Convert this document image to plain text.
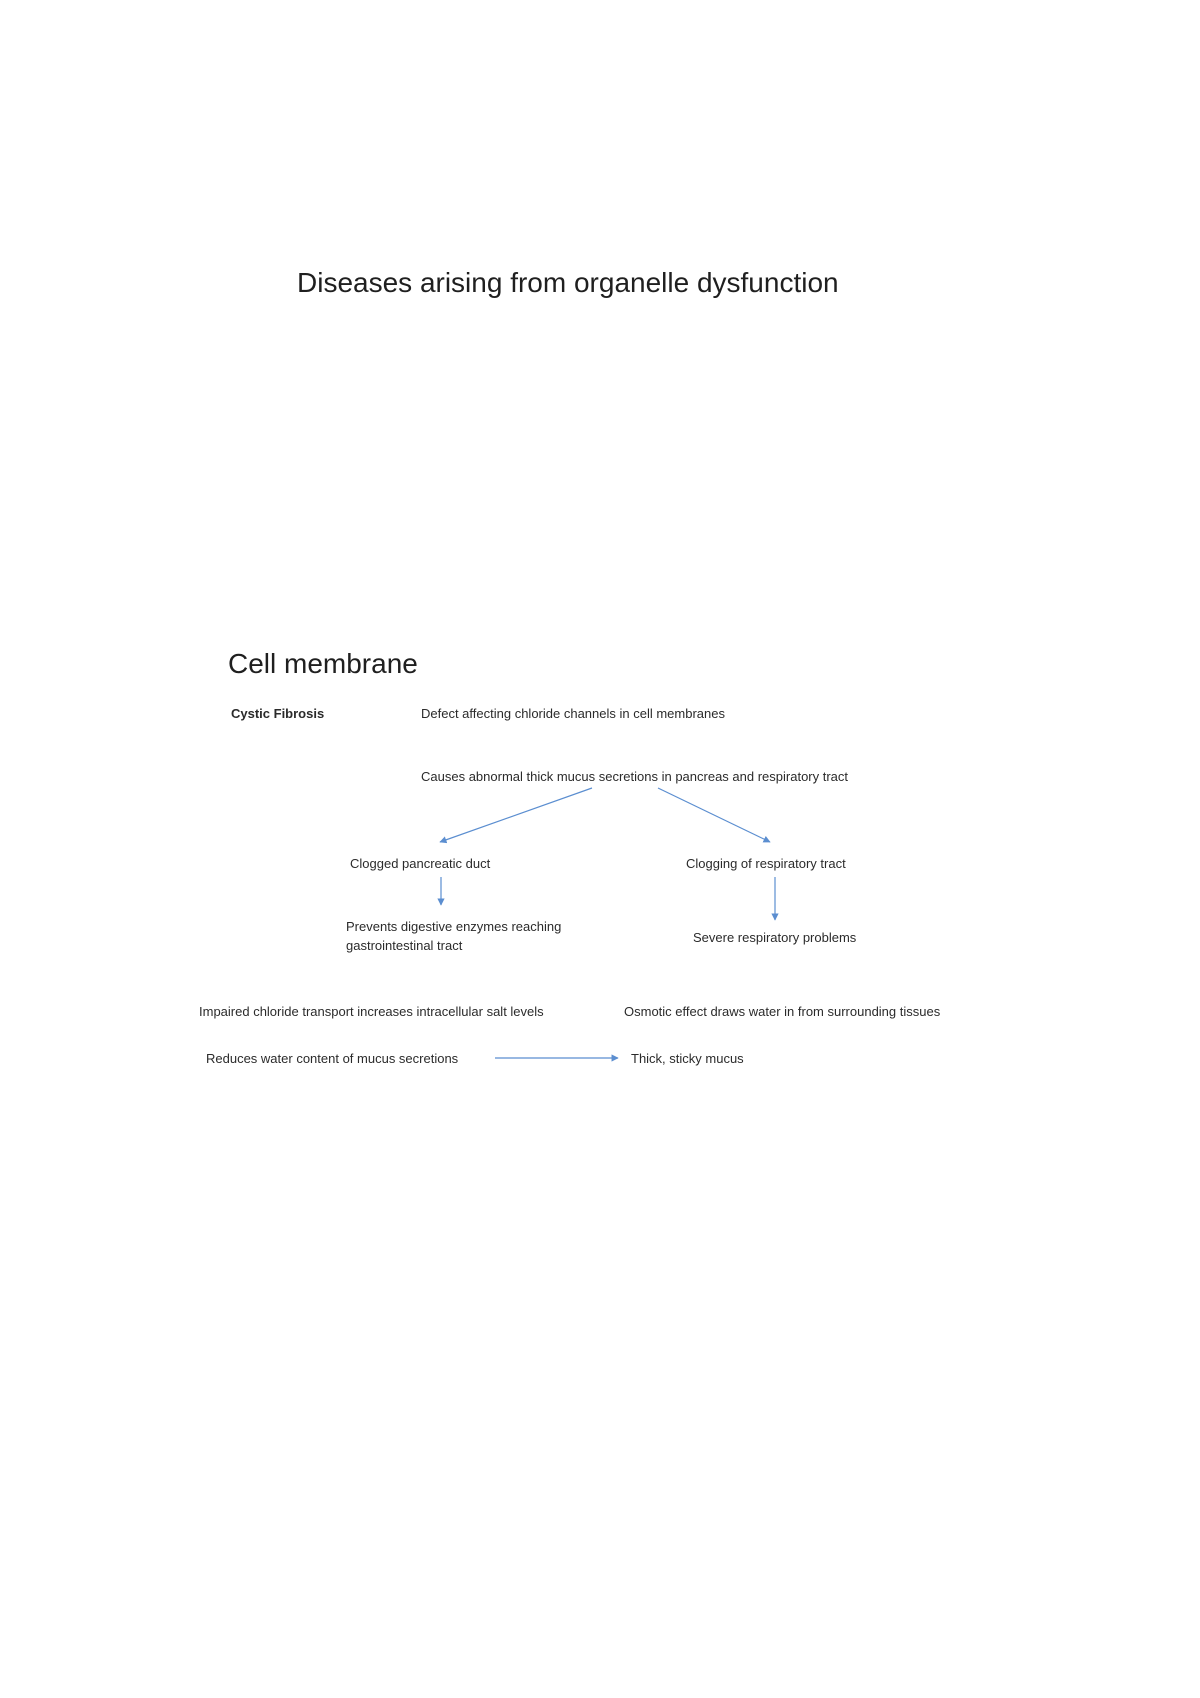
Diseases arising from organelle dysfunction
Cell membrane
Cystic Fibrosis	Defect affecting chloride channels in cell membranes
Causes abnormal thick mucus secretions in pancreas and respiratory tract
Clogged pancreatic duct	Clogging of respiratory tract
Prevents digestive enzymes reaching gastrointestinal tract
Severe respiratory problems
Impaired chloride transport increases intracellular salt levels	Osmotic effect draws water in from surrounding tissues
Reduces water content of mucus secretions	Thick, sticky mucus
